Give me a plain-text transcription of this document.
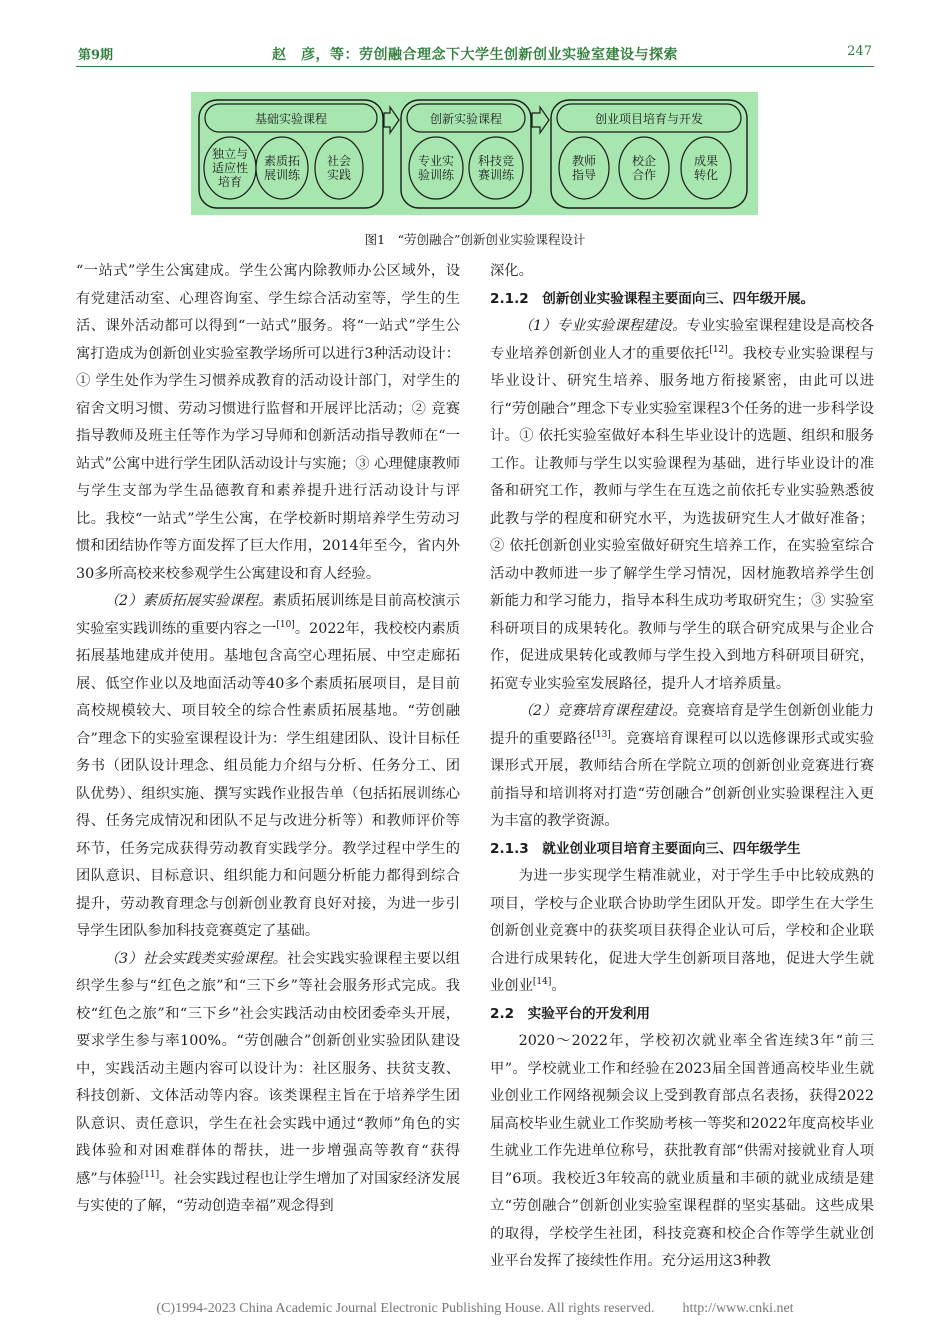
第9期	赵　彦，等：劳创融合理念下大学生创新创业实验室建设与探索	247
基础实验课程
独立与
适应性
培育
素质拓
展训练
社会
实践
创新实验课程
专业实
验训练
科技竞
赛训练
创业项目培育与开发
教师
指导
校企
合作
成果
转化
图1　“劳创融合”创新创业实验课程设计

“一站式”学生公寓建成。学生公寓内除教师办公区域外，设有党建活动室、心理咨询室、学生综合活动室等，学生的生活、课外活动都可以得到“一站式”服务。将“一站式”学生公寓打造成为创新创业实验室教学场所可以进行3种活动设计：① 学生处作为学生习惯养成教育的活动设计部门，对学生的宿舍文明习惯、劳动习惯进行监督和开展评比活动；② 竞赛指导教师及班主任等作为学习导师和创新活动指导教师在“一站式”公寓中进行学生团队活动设计与实施；③ 心理健康教师与学生支部为学生品德教育和素养提升进行活动设计与评比。我校“一站式”学生公寓，在学校新时期培养学生劳动习惯和团结协作等方面发挥了巨大作用，2014年至今，省内外30多所高校来校参观学生公寓建设和育人经验。

（2）素质拓展实验课程。素质拓展训练是目前高校演示实验室实践训练的重要内容之一[10]。2022年，我校校内素质拓展基地建成并使用。基地包含高空心理拓展、中空走廊拓展、低空作业以及地面活动等40多个素质拓展项目，是目前高校规模较大、项目较全的综合性素质拓展基地。“劳创融合”理念下的实验室课程设计为：学生组建团队、设计目标任务书（团队设计理念、组员能力介绍与分析、任务分工、团队优势）、组织实施、撰写实践作业报告单（包括拓展训练心得、任务完成情况和团队不足与改进分析等）和教师评价等环节，任务完成获得劳动教育实践学分。教学过程中学生的团队意识、目标意识、组织能力和问题分析能力都得到综合提升，劳动教育理念与创新创业教育良好对接，为进一步引导学生团队参加科技竞赛奠定了基础。

（3）社会实践类实验课程。社会实践实验课程主要以组织学生参与“红色之旅”和“三下乡”等社会服务形式完成。我校“红色之旅”和“三下乡”社会实践活动由校团委牵头开展，要求学生参与率100%。“劳创融合”创新创业实验团队建设中，实践活动主题内容可以设计为：社区服务、扶贫支教、科技创新、文体活动等内容。该类课程主旨在于培养学生团队意识、责任意识，学生在社会实践中通过“教师”角色的实践体验和对困难群体的帮扶，进一步增强高等教育“获得感”与体验[11]。社会实践过程也让学生增加了对国家经济发展与实使的了解，“劳动创造幸福”观念得到

深化。

2.1.2　创新创业实验课程主要面向三、四年级开展。

（1）专业实验课程建设。专业实验室课程建设是高校各专业培养创新创业人才的重要依托[12]。我校专业实验课程与毕业设计、研究生培养、服务地方衔接紧密，由此可以进行“劳创融合”理念下专业实验室课程3个任务的进一步科学设计。① 依托实验室做好本科生毕业设计的选题、组织和服务工作。让教师与学生以实验课程为基础，进行毕业设计的准备和研究工作，教师与学生在互选之前依托专业实验熟悉彼此教与学的程度和研究水平，为选拔研究生人才做好准备；② 依托创新创业实验室做好研究生培养工作，在实验室综合活动中教师进一步了解学生学习情况，因材施教培养学生创新能力和学习能力，指导本科生成功考取研究生；③ 实验室科研项目的成果转化。教师与学生的联合研究成果与企业合作，促进成果转化或教师与学生投入到地方科研项目研究，拓宽专业实验室发展路径，提升人才培养质量。

（2）竞赛培育课程建设。竞赛培育是学生创新创业能力提升的重要路径[13]。竞赛培育课程可以以选修课形式或实验课形式开展，教师结合所在学院立项的创新创业竞赛进行赛前指导和培训将对打造“劳创融合”创新创业实验课程注入更为丰富的教学资源。

2.1.3　就业创业项目培育主要面向三、四年级学生

为进一步实现学生精准就业，对于学生手中比较成熟的项目，学校与企业联合协助学生团队开发。即学生在大学生创新创业竞赛中的获奖项目获得企业认可后，学校和企业联合进行成果转化，促进大学生创新项目落地，促进大学生就业创业[14]。

2.2　实验平台的开发利用

2020～2022年，学校初次就业率全省连续3年“前三甲”。学校就业工作和经验在2023届全国普通高校毕业生就业创业工作网络视频会议上受到教育部点名表扬，获得2022届高校毕业生就业工作奖励考核一等奖和2022年度高校毕业生就业工作先进单位称号，获批教育部“供需对接就业育人项目”6项。我校近3年较高的就业质量和丰硕的就业成绩是建立“劳创融合”创新创业实验室课程群的坚实基础。这些成果的取得，学校学生社团，科技竞赛和校企合作等学生就业创业平台发挥了接续性作用。充分运用这3种教

(C)1994-2023 China Academic Journal Electronic Publishing House. All rights reserved.　　http://www.cnki.net
